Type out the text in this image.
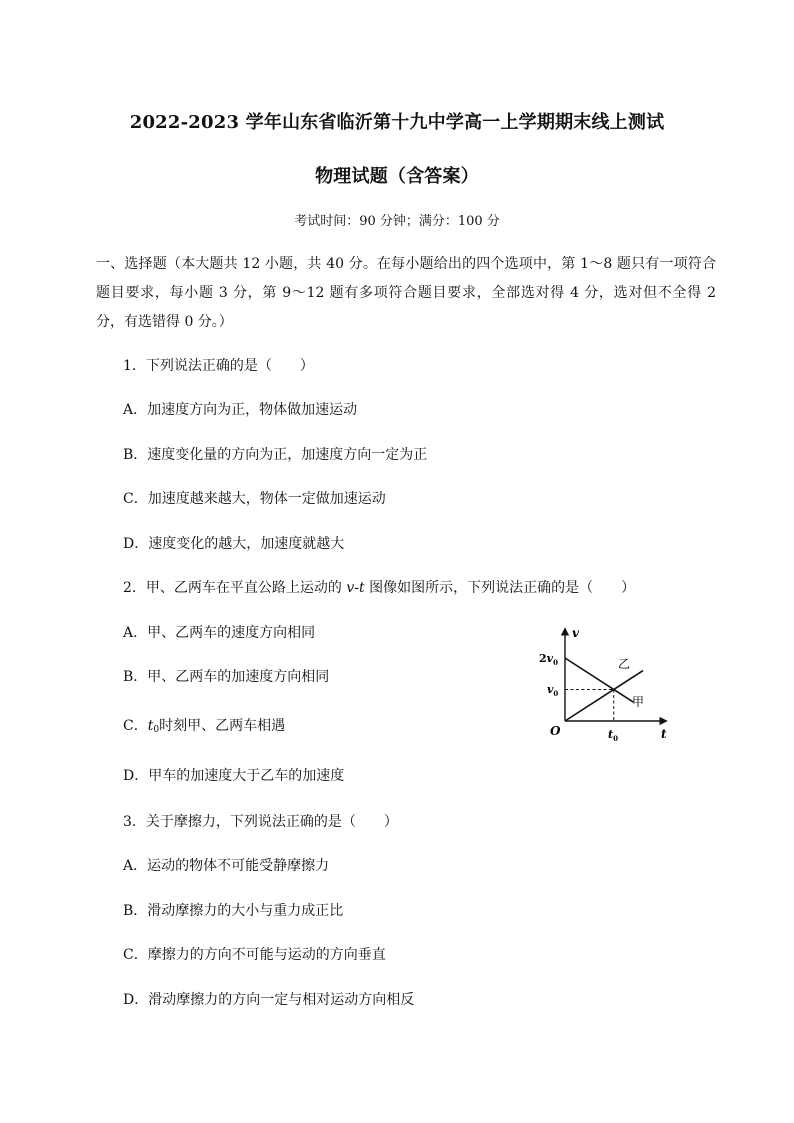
2022-2023 学年山东省临沂第十九中学高一上学期期末线上测试
物理试题（含答案）
考试时间：90 分钟；满分：100 分
一、选择题（本大题共 12 小题，共 40 分。在每小题给出的四个选项中，第 1～8 题只有一项符合题目要求，每小题 3 分，第 9～12 题有多项符合题目要求，全部选对得 4 分，选对但不全得 2 分，有选错得 0 分。）
1．下列说法正确的是（　　）
A．加速度方向为正，物体做加速运动
B．速度变化量的方向为正，加速度方向一定为正
C．加速度越来越大，物体一定做加速运动
D．速度变化的越大，加速度就越大
2．甲、乙两车在平直公路上运动的 v-t 图像如图所示，下列说法正确的是（　　）
A．甲、乙两车的速度方向相同
B．甲、乙两车的加速度方向相同
C．$t_0$时刻甲、乙两车相遇
D．甲车的加速度大于乙车的加速度
v
t
O
$2v_0$
$v_0$
$t_0$
乙
甲
3．关于摩擦力，下列说法正确的是（　　）
A．运动的物体不可能受静摩擦力
B．滑动摩擦力的大小与重力成正比
C．摩擦力的方向不可能与运动的方向垂直
D．滑动摩擦力的方向一定与相对运动方向相反
